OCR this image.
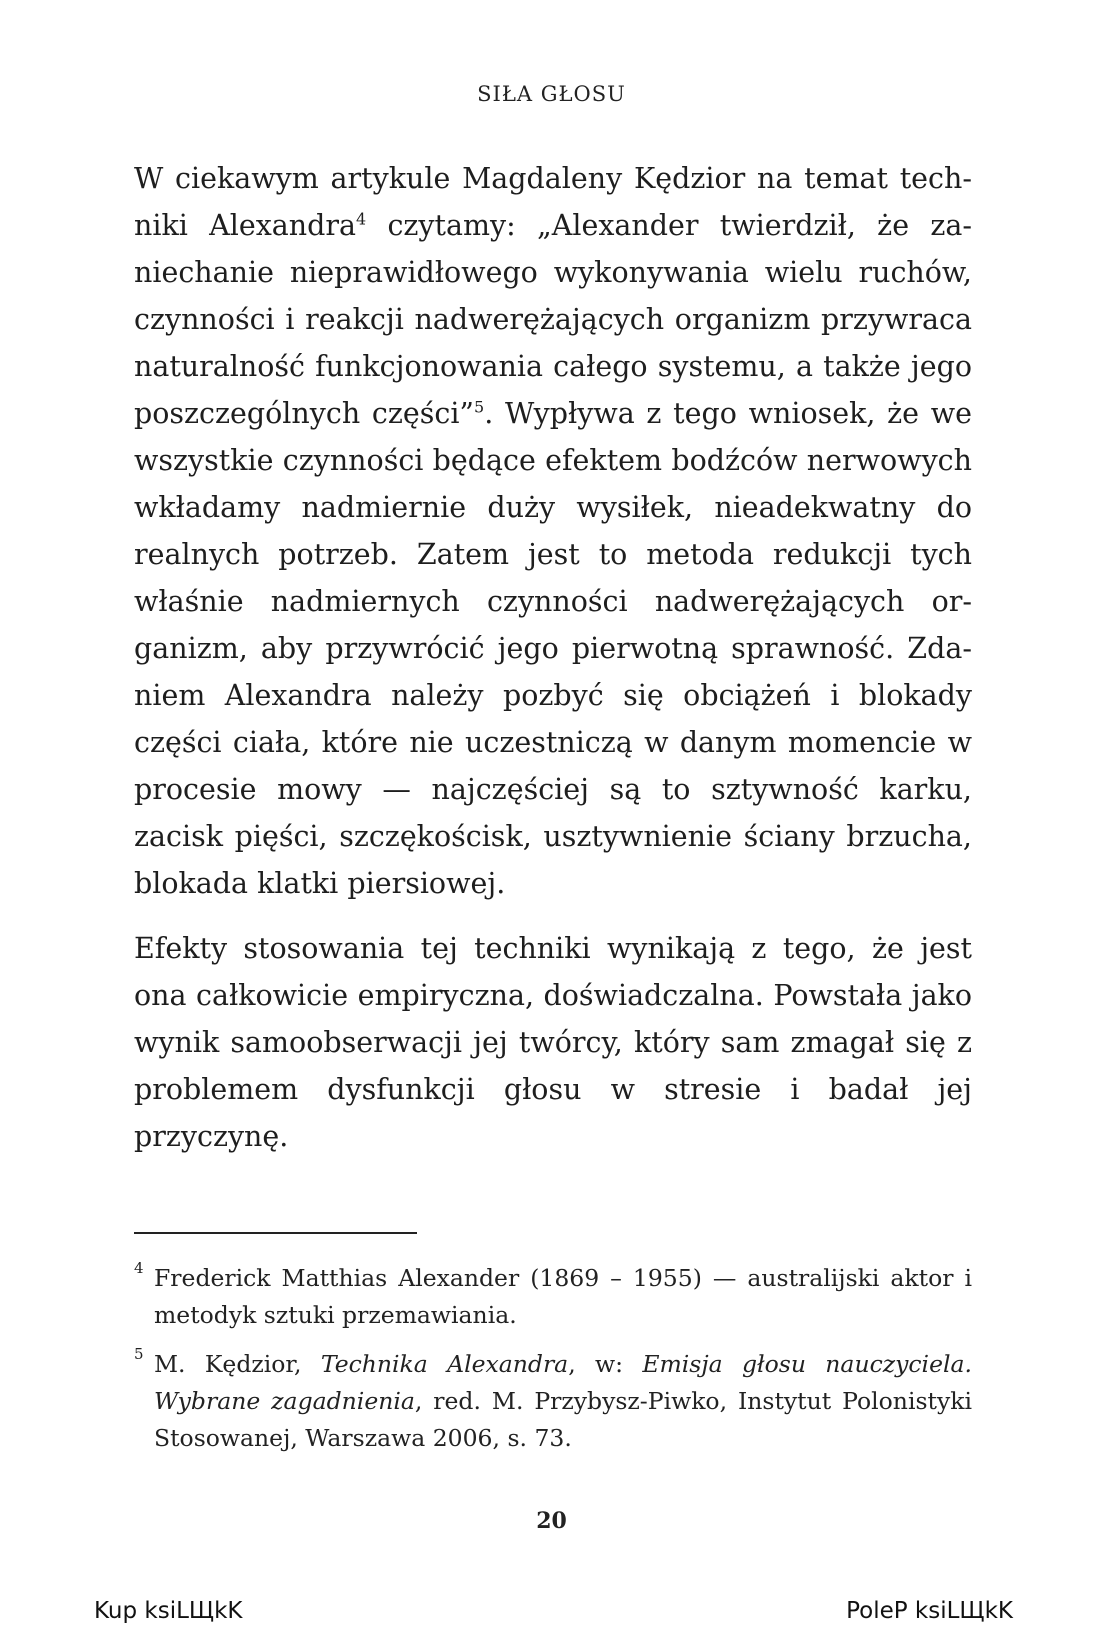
SIŁA GŁOSU

W ciekawym artykule Magdaleny Kędzior na temat techniki Alexandra$^4$ czytamy: „Alexander twierdził, że zaniechanie nieprawidłowego wykonywania wielu ruchów, czynności i reakcji nadwerężających organizm przywraca naturalność funkcjonowania całego systemu, a także jego poszczególnych części”$^5$. Wypływa z tego wniosek, że we wszystkie czynności będące efektem bodźców nerwowych wkładamy nadmiernie duży wysiłek, nieadekwatny do realnych potrzeb. Zatem jest to metoda redukcji tych właśnie nadmiernych czynności nadwerężających organizm, aby przywrócić jego pierwotną sprawność. Zdaniem Alexandra należy pozbyć się obciążeń i blokady części ciała, które nie uczestniczą w danym momencie w procesie mowy — najczęściej są to sztywność karku, zacisk pięści, szczękościsk, usztywnienie ściany brzucha, blokada klatki piersiowej.

Efekty stosowania tej techniki wynikają z tego, że jest ona całkowicie empiryczna, doświadczalna. Powstała jako wynik samoobserwacji jej twórcy, który sam zmagał się z problemem dysfunkcji głosu w stresie i badał jej przyczynę.

4 Frederick Matthias Alexander (1869 – 1955) — australijski aktor i metodyk sztuki przemawiania.

5 M. Kędzior, Technika Alexandra, w: Emisja głosu nauczyciela. Wybrane zagadnienia, red. M. Przybysz-Piwko, Instytut Polonistyki Stosowanej, Warszawa 2006, s. 73.

20
Kup ksiLЩkK	PoleP ksiLЩkK
